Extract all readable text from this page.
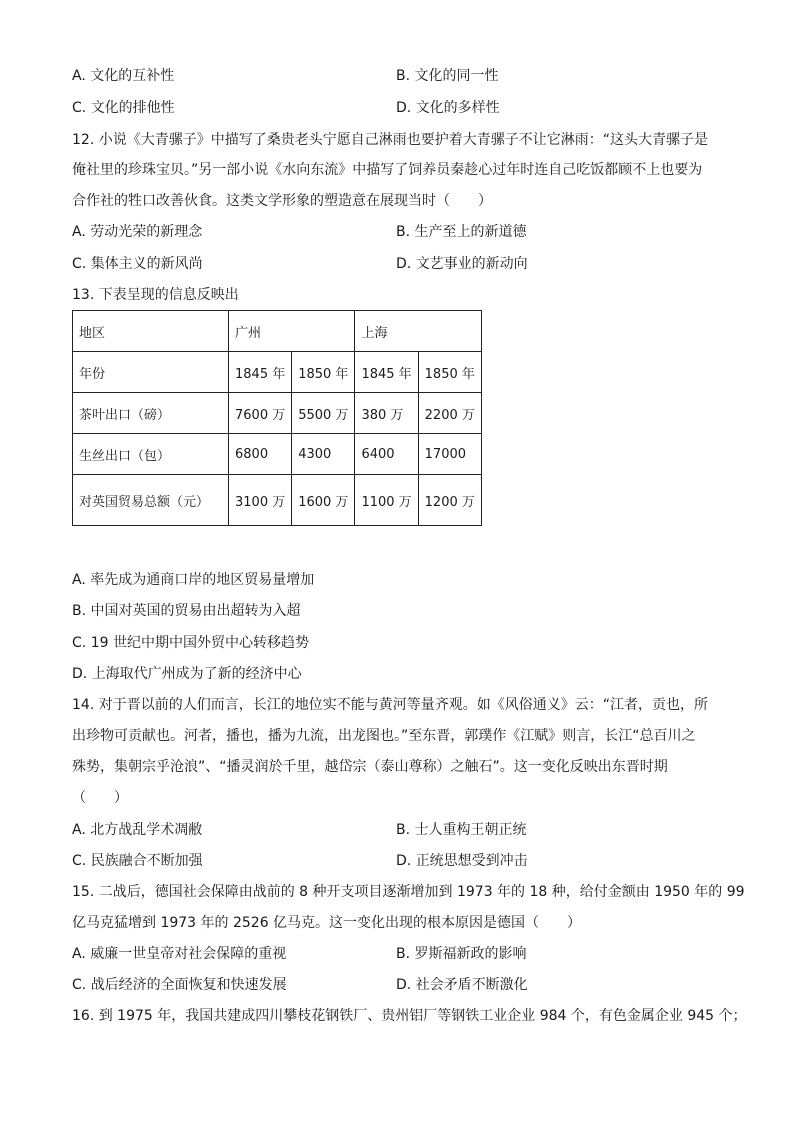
A. 文化的互补性	B. 文化的同一性
C. 文化的排他性	D. 文化的多样性
12. 小说《大青骡子》中描写了桑贵老头宁愿自己淋雨也要护着大青骡子不让它淋雨：“这头大青骡子是
俺社里的珍珠宝贝。”另一部小说《水向东流》中描写了饲养员秦趁心过年时连自己吃饭都顾不上也要为
合作社的牲口改善伙食。这类文学形象的塑造意在展现当时（　　）
A. 劳动光荣的新理念	B. 生产至上的新道德
C. 集体主义的新风尚	D. 文艺事业的新动向
13. 下表呈现的信息反映出
地区	广州		上海	
年份	1845 年	1850 年	1845 年	1850 年
茶叶出口（磅）	7600 万	5500 万	380 万	2200 万
生丝出口（包）	6800	4300	6400	17000
对英国贸易总额（元）	3100 万	1600 万	1100 万	1200 万
A. 率先成为通商口岸的地区贸易量增加
B. 中国对英国的贸易由出超转为入超
C. 19 世纪中期中国外贸中心转移趋势
D. 上海取代广州成为了新的经济中心
14. 对于晋以前的人们而言，长江的地位实不能与黄河等量齐观。如《风俗通义》云：“江者，贡也，所
出珍物可贡献也。河者，播也，播为九流，出龙图也。”至东晋，郭璞作《江赋》则言，长江“总百川之
殊势，集朝宗乎沧浪”、“播灵润於千里，越岱宗（泰山尊称）之触石”。这一变化反映出东晋时期
（　　）
A. 北方战乱学术凋敝	B. 士人重构王朝正统
C. 民族融合不断加强	D. 正统思想受到冲击
15. 二战后，德国社会保障由战前的 8 种开支项目逐渐增加到 1973 年的 18 种，给付金额由 1950 年的 99
亿马克猛增到 1973 年的 2526 亿马克。这一变化出现的根本原因是德国（　　）
A. 威廉一世皇帝对社会保障的重视	B. 罗斯福新政的影响
C. 战后经济的全面恢复和快速发展	D. 社会矛盾不断激化
16. 到 1975 年，我国共建成四川攀枝花钢铁厂、贵州铝厂等钢铁工业企业 984 个，有色金属企业 945 个；
